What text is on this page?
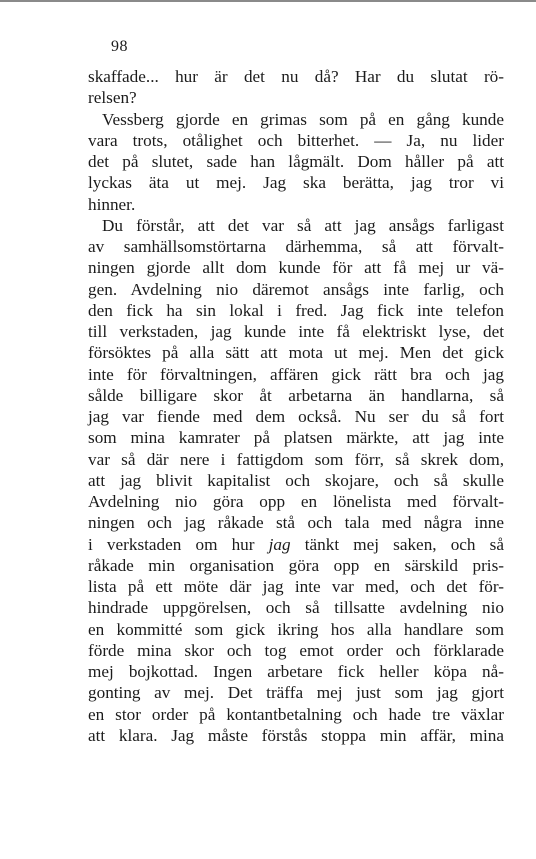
98
skaffade... hur är det nu då? Har du slutat rö-
relsen?
Vessberg gjorde en grimas som på en gång kunde
vara trots, otålighet och bitterhet. — Ja, nu lider
det på slutet, sade han lågmält. Dom håller på att
lyckas äta ut mej. Jag ska berätta, jag tror vi
hinner.
Du förstår, att det var så att jag ansågs farligast
av samhällsomstörtarna därhemma, så att förvalt-
ningen gjorde allt dom kunde för att få mej ur vä-
gen. Avdelning nio däremot ansågs inte farlig, och
den fick ha sin lokal i fred. Jag fick inte telefon
till verkstaden, jag kunde inte få elektriskt lyse, det
försöktes på alla sätt att mota ut mej. Men det gick
inte för förvaltningen, affären gick rätt bra och jag
sålde billigare skor åt arbetarna än handlarna, så
jag var fiende med dem också. Nu ser du så fort
som mina kamrater på platsen märkte, att jag inte
var så där nere i fattigdom som förr, så skrek dom,
att jag blivit kapitalist och skojare, och så skulle
Avdelning nio göra opp en lönelista med förvalt-
ningen och jag råkade stå och tala med några inne
i verkstaden om hur jag tänkt mej saken, och så
råkade min organisation göra opp en särskild pris-
lista på ett möte där jag inte var med, och det för-
hindrade uppgörelsen, och så tillsatte avdelning nio
en kommitté som gick ikring hos alla handlare som
förde mina skor och tog emot order och förklarade
mej bojkottad. Ingen arbetare fick heller köpa nå-
gonting av mej. Det träffa mej just som jag gjort
en stor order på kontantbetalning och hade tre växlar
att klara. Jag måste förstås stoppa min affär, mina
